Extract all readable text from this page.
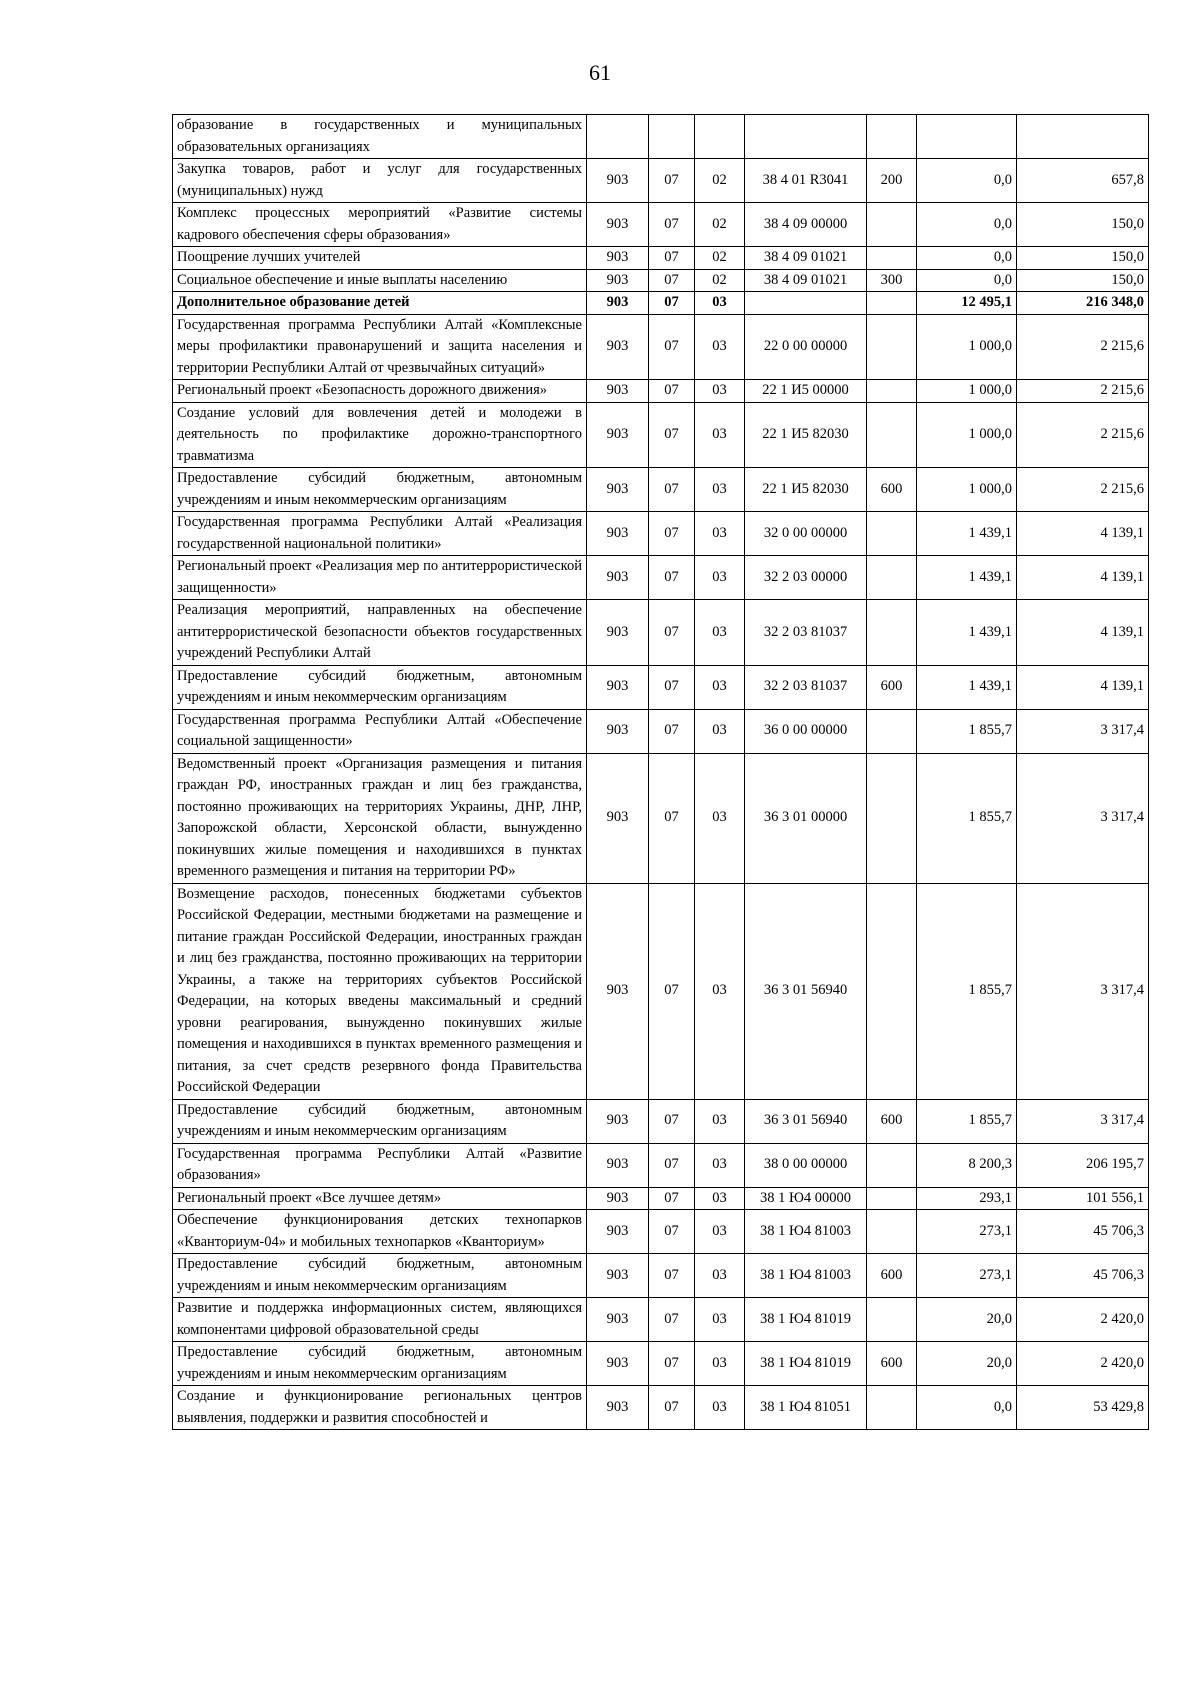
61
образование в государственных и муниципальных образовательных организациях							
Закупка товаров, работ и услуг для государственных (муниципальных) нужд	903	07	02	38 4 01 R3041	200	0,0	657,8
Комплекс процессных мероприятий «Развитие системы кадрового обеспечения сферы образования»	903	07	02	38 4 09 00000		0,0	150,0
Поощрение лучших учителей	903	07	02	38 4 09 01021		0,0	150,0
Социальное обеспечение и иные выплаты населению	903	07	02	38 4 09 01021	300	0,0	150,0
Дополнительное образование детей	903	07	03			12 495,1	216 348,0
Государственная программа Республики Алтай «Комплексные меры профилактики правонарушений и защита населения и территории Республики Алтай от чрезвычайных ситуаций»	903	07	03	22 0 00 00000		1 000,0	2 215,6
Региональный проект «Безопасность дорожного движения»	903	07	03	22 1 И5 00000		1 000,0	2 215,6
Создание условий для вовлечения детей и молодежи в деятельность по профилактике дорожно-транспортного травматизма	903	07	03	22 1 И5 82030		1 000,0	2 215,6
Предоставление субсидий бюджетным, автономным учреждениям и иным некоммерческим организациям	903	07	03	22 1 И5 82030	600	1 000,0	2 215,6
Государственная программа Республики Алтай «Реализация государственной национальной политики»	903	07	03	32 0 00 00000		1 439,1	4 139,1
Региональный проект «Реализация мер по антитеррористической защищенности»	903	07	03	32 2 03 00000		1 439,1	4 139,1
Реализация мероприятий, направленных на обеспечение антитеррористической безопасности объектов государственных учреждений Республики Алтай	903	07	03	32 2 03 81037		1 439,1	4 139,1
Предоставление субсидий бюджетным, автономным учреждениям и иным некоммерческим организациям	903	07	03	32 2 03 81037	600	1 439,1	4 139,1
Государственная программа Республики Алтай «Обеспечение социальной защищенности»	903	07	03	36 0 00 00000		1 855,7	3 317,4
Ведомственный проект «Организация размещения и питания граждан РФ, иностранных граждан и лиц без гражданства, постоянно проживающих на территориях Украины, ДНР, ЛНР, Запорожской области, Херсонской области, вынужденно покинувших жилые помещения и находившихся в пунктах временного размещения и питания на территории РФ»	903	07	03	36 3 01 00000		1 855,7	3 317,4
Возмещение расходов, понесенных бюджетами субъектов Российской Федерации, местными бюджетами на размещение и питание граждан Российской Федерации, иностранных граждан и лиц без гражданства, постоянно проживающих на территории Украины, а также на территориях субъектов Российской Федерации, на которых введены максимальный и средний уровни реагирования, вынужденно покинувших жилые помещения и находившихся в пунктах временного размещения и питания, за счет средств резервного фонда Правительства Российской Федерации	903	07	03	36 3 01 56940		1 855,7	3 317,4
Предоставление субсидий бюджетным, автономным учреждениям и иным некоммерческим организациям	903	07	03	36 3 01 56940	600	1 855,7	3 317,4
Государственная программа Республики Алтай «Развитие образования»	903	07	03	38 0 00 00000		8 200,3	206 195,7
Региональный проект «Все лучшее детям»	903	07	03	38 1 Ю4 00000		293,1	101 556,1
Обеспечение функционирования детских технопарков «Кванториум-04» и мобильных технопарков «Кванториум»	903	07	03	38 1 Ю4 81003		273,1	45 706,3
Предоставление субсидий бюджетным, автономным учреждениям и иным некоммерческим организациям	903	07	03	38 1 Ю4 81003	600	273,1	45 706,3
Развитие и поддержка информационных систем, являющихся компонентами цифровой образовательной среды	903	07	03	38 1 Ю4 81019		20,0	2 420,0
Предоставление субсидий бюджетным, автономным учреждениям и иным некоммерческим организациям	903	07	03	38 1 Ю4 81019	600	20,0	2 420,0
Создание и функционирование региональных центров выявления, поддержки и развития способностей и	903	07	03	38 1 Ю4 81051		0,0	53 429,8
